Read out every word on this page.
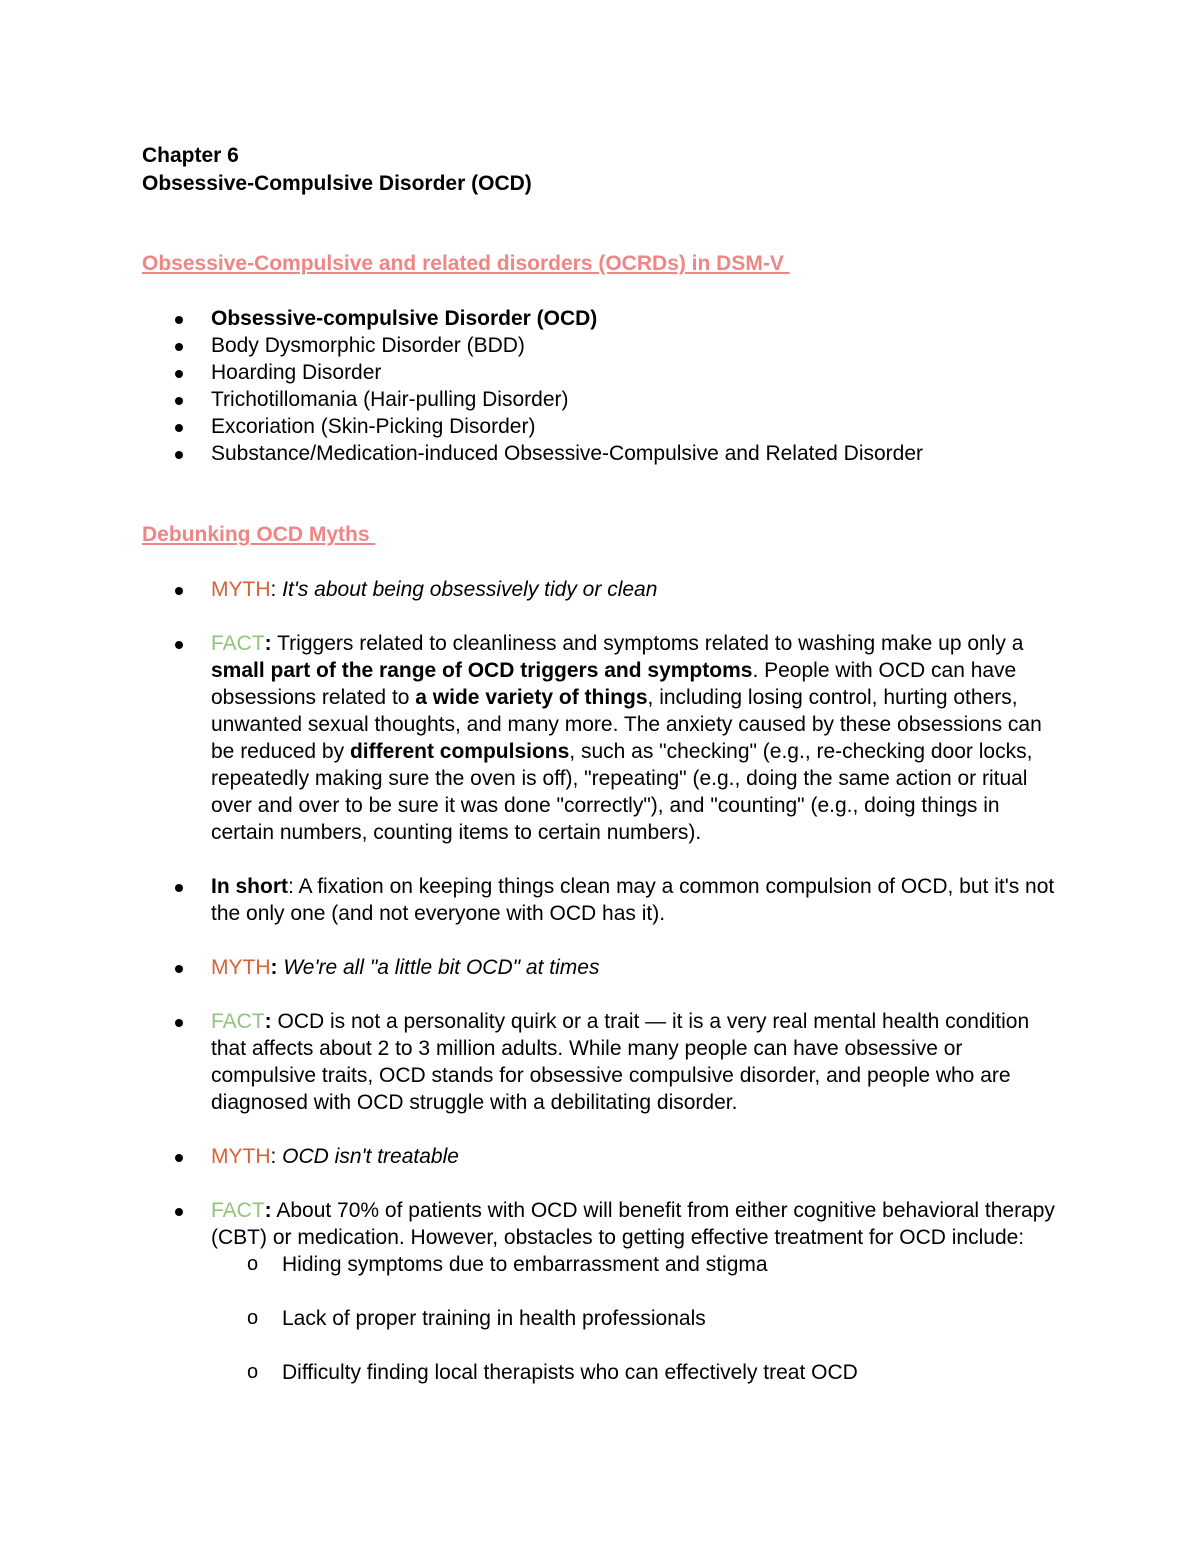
Chapter 6
Obsessive-Compulsive Disorder (OCD)
Obsessive-Compulsive and related disorders (OCRDs) in DSM-V
Obsessive-compulsive Disorder (OCD)
Body Dysmorphic Disorder (BDD)
Hoarding Disorder
Trichotillomania (Hair-pulling Disorder)
Excoriation (Skin-Picking Disorder)
Substance/Medication-induced Obsessive-Compulsive and Related Disorder
Debunking OCD Myths
MYTH: It's about being obsessively tidy or clean
FACT: Triggers related to cleanliness and symptoms related to washing make up only a small part of the range of OCD triggers and symptoms. People with OCD can have obsessions related to a wide variety of things, including losing control, hurting others, unwanted sexual thoughts, and many more. The anxiety caused by these obsessions can be reduced by different compulsions, such as "checking" (e.g., re-checking door locks, repeatedly making sure the oven is off), "repeating" (e.g., doing the same action or ritual over and over to be sure it was done "correctly"), and "counting" (e.g., doing things in certain numbers, counting items to certain numbers).
In short: A fixation on keeping things clean may a common compulsion of OCD, but it's not the only one (and not everyone with OCD has it).
MYTH: We're all "a little bit OCD" at times
FACT: OCD is not a personality quirk or a trait — it is a very real mental health condition that affects about 2 to 3 million adults. While many people can have obsessive or compulsive traits, OCD stands for obsessive compulsive disorder, and people who are diagnosed with OCD struggle with a debilitating disorder.
MYTH: OCD isn't treatable
FACT: About 70% of patients with OCD will benefit from either cognitive behavioral therapy (CBT) or medication. However, obstacles to getting effective treatment for OCD include:
o Hiding symptoms due to embarrassment and stigma
o Lack of proper training in health professionals
o Difficulty finding local therapists who can effectively treat OCD
